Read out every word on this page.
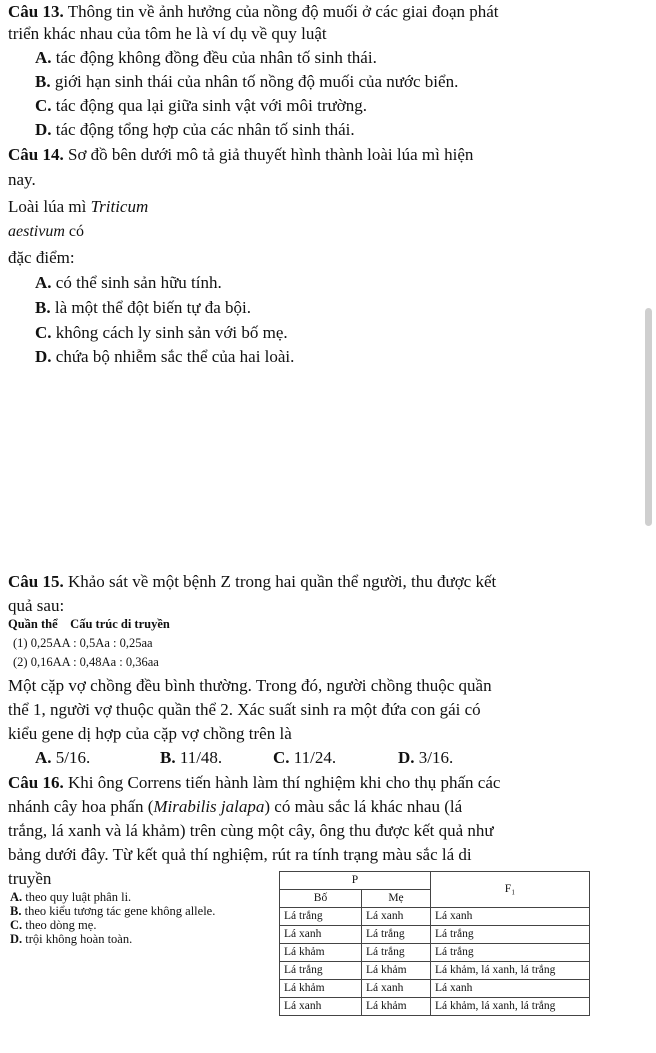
Câu 13. Thông tin về ảnh hưởng của nồng độ muối ở các giai đoạn phát
triển khác nhau của tôm he là ví dụ về quy luật
A. tác động không đồng đều của nhân tố sinh thái.
B. giới hạn sinh thái của nhân tố nồng độ muối của nước biển.
C. tác động qua lại giữa sinh vật với môi trường.
D. tác động tổng hợp của các nhân tố sinh thái.
Câu 14. Sơ đồ bên dưới mô tả giả thuyết hình thành loài lúa mì hiện
nay.
Loài lúa mì Triticum
aestivum có
đặc điểm:
A. có thể sinh sản hữu tính.
B. là một thể đột biến tự đa bội.
C. không cách ly sinh sản với bố mẹ.
D. chứa bộ nhiễm sắc thể của hai loài.
Câu 15. Khảo sát về một bệnh Z trong hai quần thể người, thu được kết
quả sau:
Quần thể Cấu trúc di truyền
(1) 0,25AA : 0,5Aa : 0,25aa
(2) 0,16AA : 0,48Aa : 0,36aa
Một cặp vợ chồng đều bình thường. Trong đó, người chồng thuộc quần
thể 1, người vợ thuộc quần thể 2. Xác suất sinh ra một đứa con gái có
kiểu gene dị hợp của cặp vợ chồng trên là
A. 5/16.	B. 11/48.	C. 11/24.	D. 3/16.
Câu 16. Khi ông Correns tiến hành làm thí nghiệm khi cho thụ phấn các
nhánh cây hoa phấn (Mirabilis jalapa) có màu sắc lá khác nhau (lá
trắng, lá xanh và lá khảm) trên cùng một cây, ông thu được kết quả như
bảng dưới đây. Từ kết quả thí nghiệm, rút ra tính trạng màu sắc lá di
truyền
A. theo quy luật phân li.
B. theo kiểu tương tác gene không allele.
C. theo dòng mẹ.
D. trội không hoàn toàn.
P		F₁
Bố	Mẹ	
Lá trắng	Lá xanh	Lá xanh
Lá xanh	Lá trắng	Lá trắng
Lá khảm	Lá trắng	Lá trắng
Lá trắng	Lá khảm	Lá khảm, lá xanh, lá trắng
Lá khảm	Lá xanh	Lá xanh
Lá xanh	Lá khảm	Lá khảm, lá xanh, lá trắng
